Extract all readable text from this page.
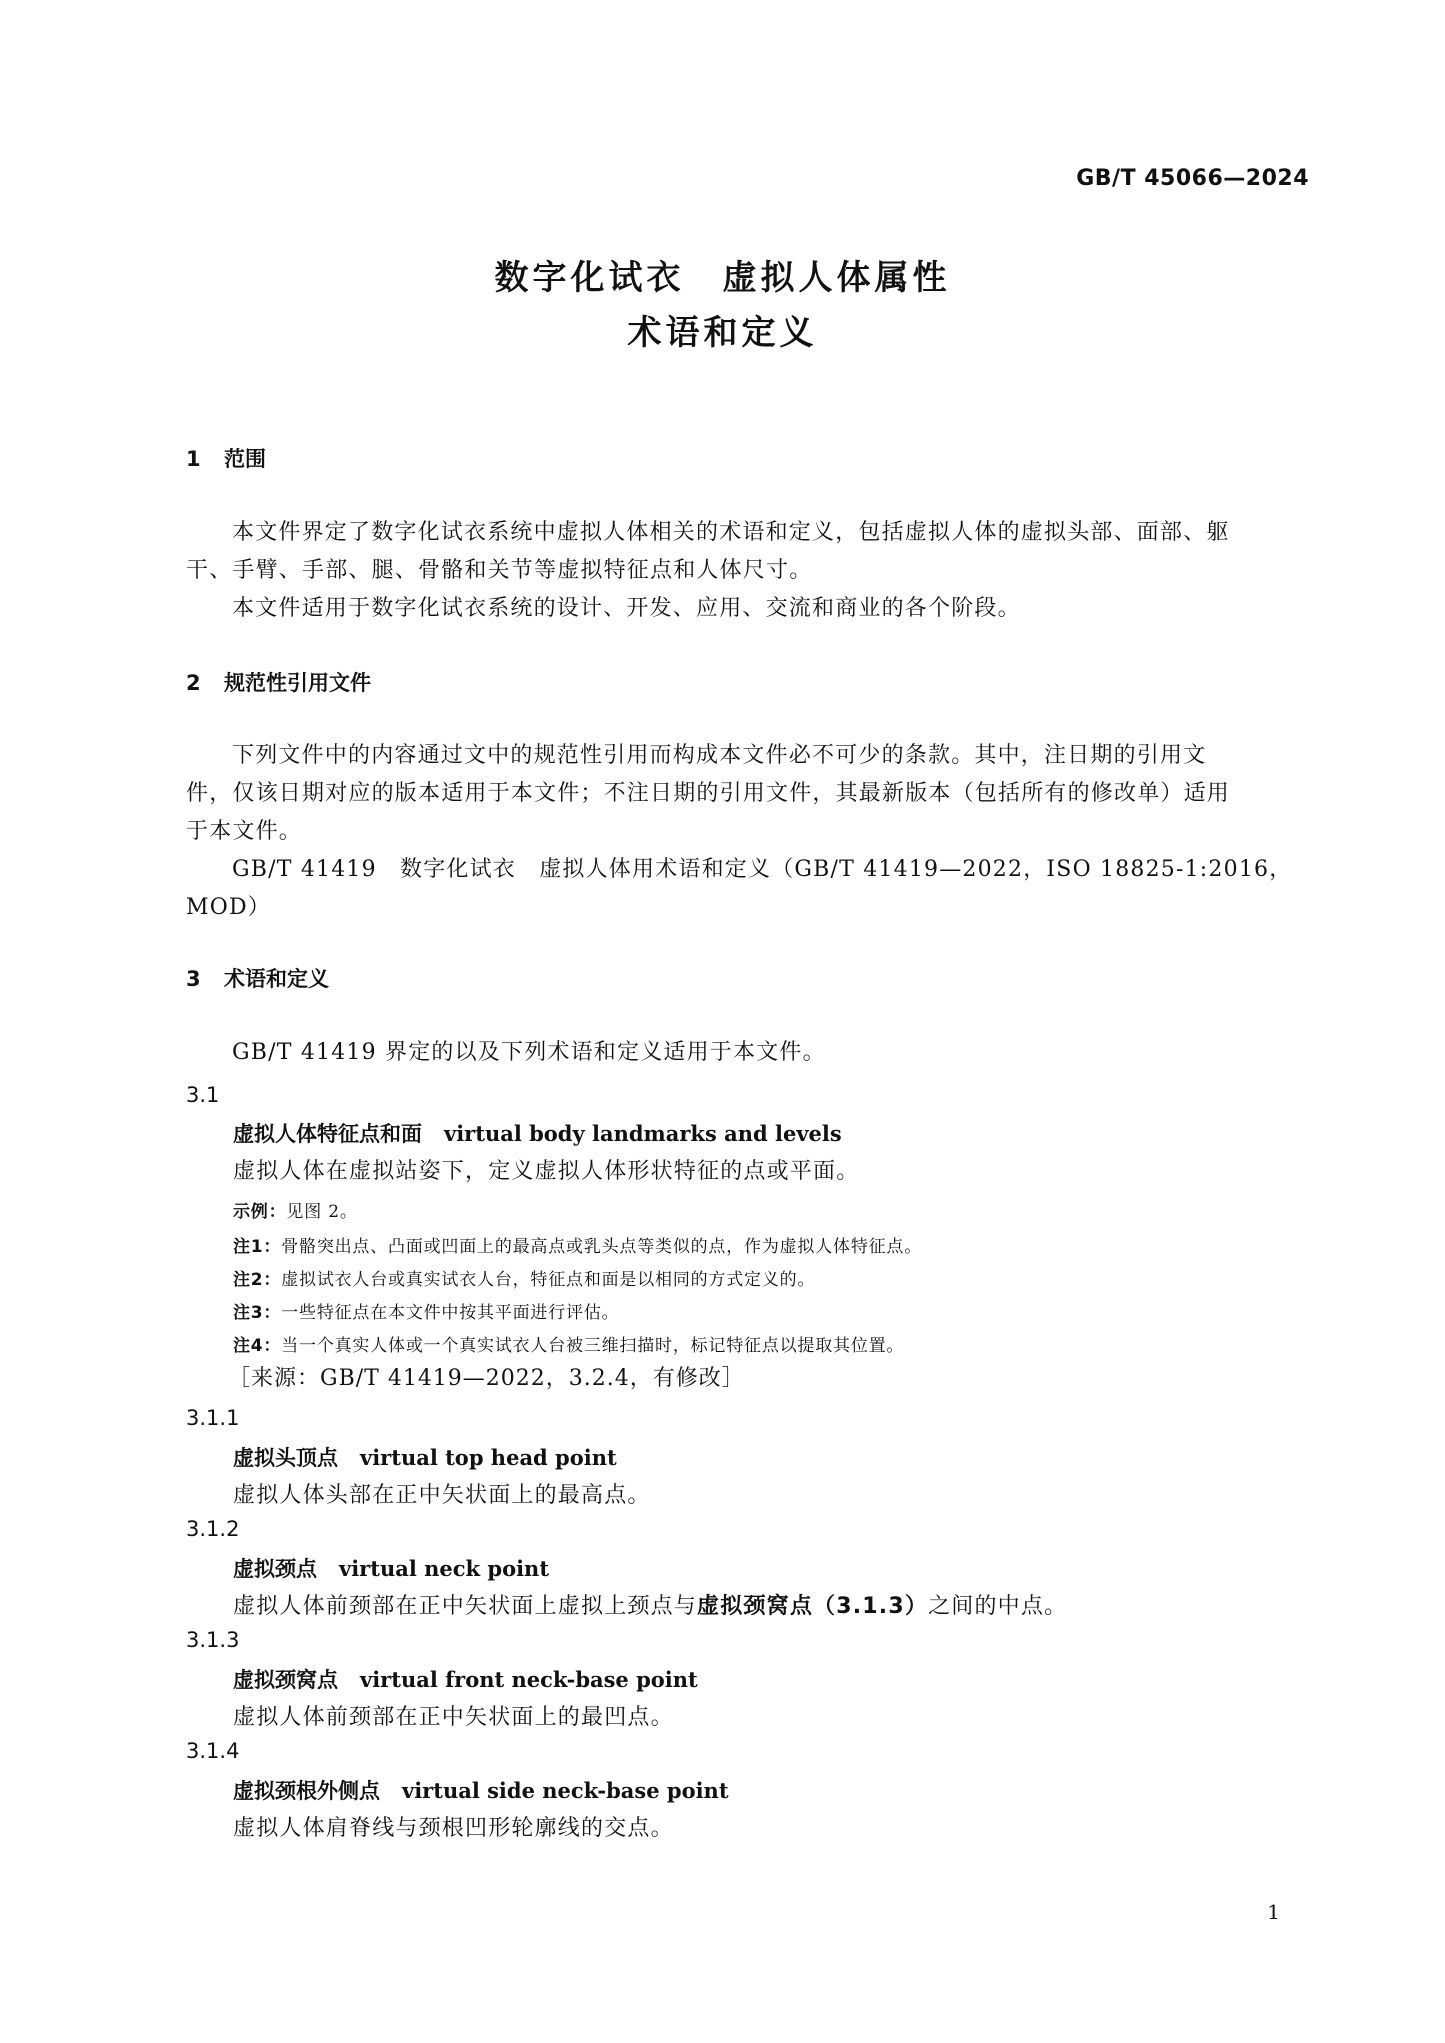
GB/T 45066—2024
数字化试衣　虚拟人体属性
术语和定义
1 范围
本文件界定了数字化试衣系统中虚拟人体相关的术语和定义，包括虚拟人体的虚拟头部、面部、躯
干、手臂、手部、腿、骨骼和关节等虚拟特征点和人体尺寸。
本文件适用于数字化试衣系统的设计、开发、应用、交流和商业的各个阶段。
2 规范性引用文件
下列文件中的内容通过文中的规范性引用而构成本文件必不可少的条款。其中，注日期的引用文
件，仅该日期对应的版本适用于本文件；不注日期的引用文件，其最新版本（包括所有的修改单）适用
于本文件。
GB/T 41419　数字化试衣　虚拟人体用术语和定义（GB/T 41419—2022，ISO 18825-1:2016，
MOD）
3 术语和定义
GB/T 41419 界定的以及下列术语和定义适用于本文件。
3.1
虚拟人体特征点和面 virtual body landmarks and levels
虚拟人体在虚拟站姿下，定义虚拟人体形状特征的点或平面。
示例：见图 2。
注1：骨骼突出点、凸面或凹面上的最高点或乳头点等类似的点，作为虚拟人体特征点。
注2：虚拟试衣人台或真实试衣人台，特征点和面是以相同的方式定义的。
注3：一些特征点在本文件中按其平面进行评估。
注4：当一个真实人体或一个真实试衣人台被三维扫描时，标记特征点以提取其位置。
［来源：GB/T 41419—2022，3.2.4，有修改］
3.1.1
虚拟头顶点 virtual top head point
虚拟人体头部在正中矢状面上的最高点。
3.1.2
虚拟颈点 virtual neck point
虚拟人体前颈部在正中矢状面上虚拟上颈点与虚拟颈窝点（3.1.3）之间的中点。
3.1.3
虚拟颈窝点 virtual front neck-base point
虚拟人体前颈部在正中矢状面上的最凹点。
3.1.4
虚拟颈根外侧点 virtual side neck-base point
虚拟人体肩脊线与颈根凹形轮廓线的交点。
1
